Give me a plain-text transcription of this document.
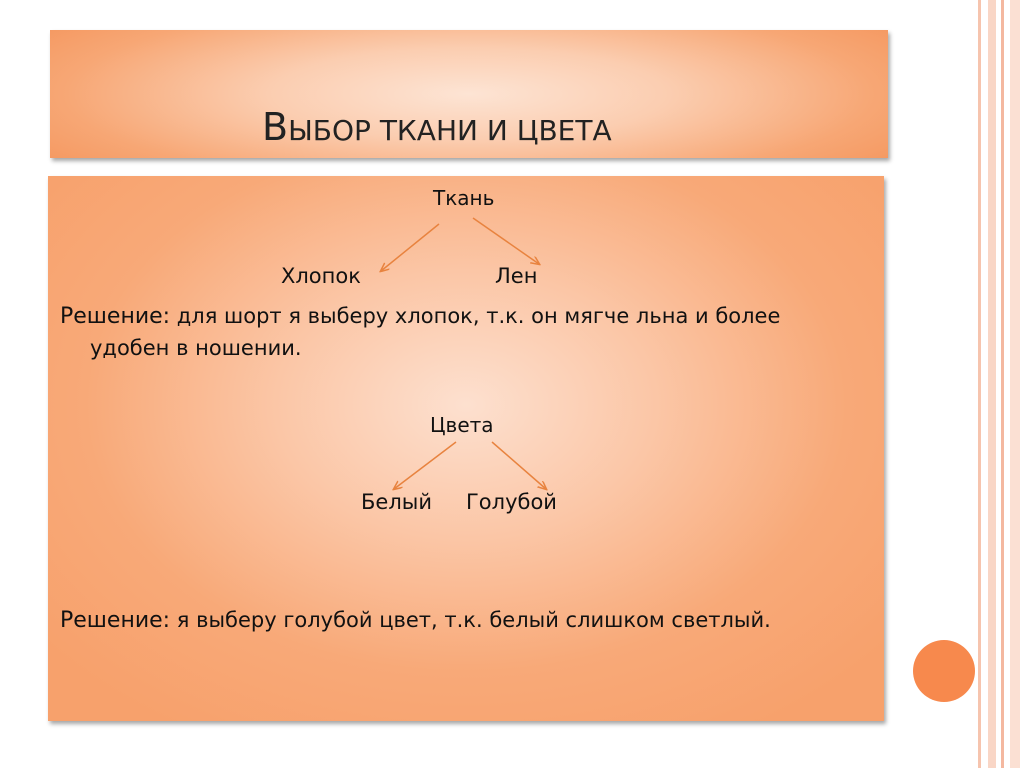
ВЫБОР ТКАНИ И ЦВЕТА
Ткань
Хлопок	Лен
Решение: для шорт я выберу хлопок, т.к. он мягче льна и более
удобен в ношении.
Цвета
Белый Голубой
Решение: я выберу голубой цвет, т.к. белый слишком светлый.
